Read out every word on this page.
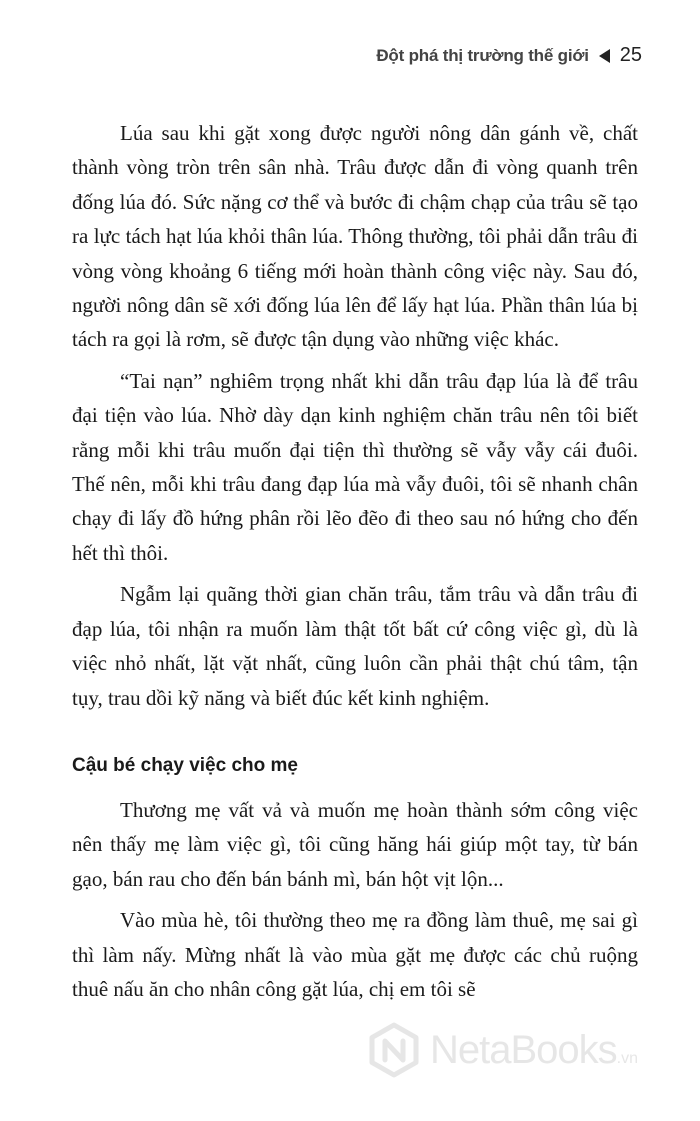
Đột phá thị trường thế giới 25

Lúa sau khi gặt xong được người nông dân gánh về, chất thành vòng tròn trên sân nhà. Trâu được dẫn đi vòng quanh trên đống lúa đó. Sức nặng cơ thể và bước đi chậm chạp của trâu sẽ tạo ra lực tách hạt lúa khỏi thân lúa. Thông thường, tôi phải dẫn trâu đi vòng vòng khoảng 6 tiếng mới hoàn thành công việc này. Sau đó, người nông dân sẽ xới đống lúa lên để lấy hạt lúa. Phần thân lúa bị tách ra gọi là rơm, sẽ được tận dụng vào những việc khác.

“Tai nạn” nghiêm trọng nhất khi dẫn trâu đạp lúa là để trâu đại tiện vào lúa. Nhờ dày dạn kinh nghiệm chăn trâu nên tôi biết rằng mỗi khi trâu muốn đại tiện thì thường sẽ vẫy vẫy cái đuôi. Thế nên, mỗi khi trâu đang đạp lúa mà vẫy đuôi, tôi sẽ nhanh chân chạy đi lấy đồ hứng phân rồi lẽo đẽo đi theo sau nó hứng cho đến hết thì thôi.

Ngẫm lại quãng thời gian chăn trâu, tắm trâu và dẫn trâu đi đạp lúa, tôi nhận ra muốn làm thật tốt bất cứ công việc gì, dù là việc nhỏ nhất, lặt vặt nhất, cũng luôn cần phải thật chú tâm, tận tụy, trau dồi kỹ năng và biết đúc kết kinh nghiệm.

Cậu bé chạy việc cho mẹ

Thương mẹ vất vả và muốn mẹ hoàn thành sớm công việc nên thấy mẹ làm việc gì, tôi cũng hăng hái giúp một tay, từ bán gạo, bán rau cho đến bán bánh mì, bán hột vịt lộn...

Vào mùa hè, tôi thường theo mẹ ra đồng làm thuê, mẹ sai gì thì làm nấy. Mừng nhất là vào mùa gặt mẹ được các chủ ruộng thuê nấu ăn cho nhân công gặt lúa, chị em tôi sẽ

NetaBooks.vn
